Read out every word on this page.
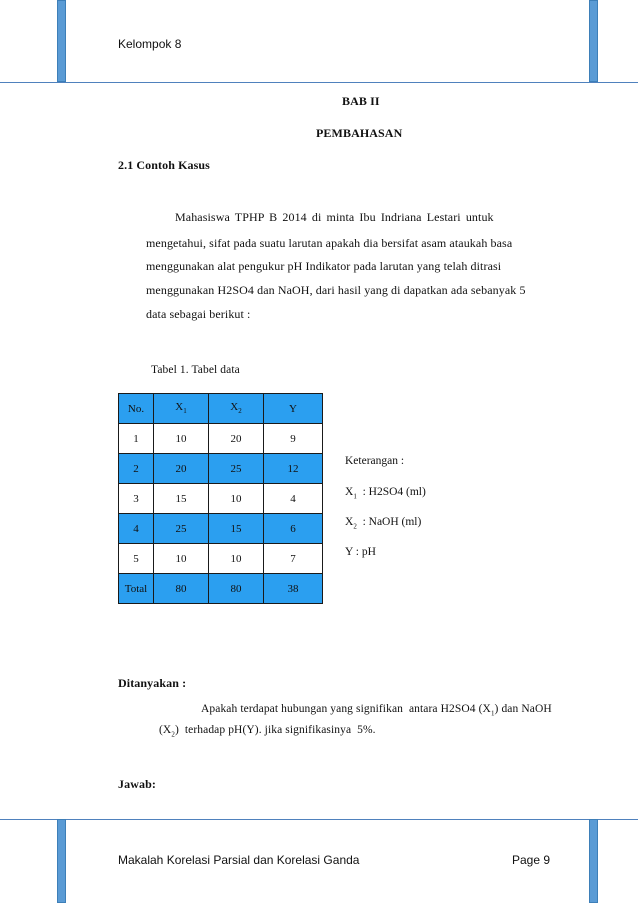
Kelompok 8
BAB II
PEMBAHASAN
2.1 Contoh Kasus
Mahasiswa TPHP B 2014 di minta Ibu Indriana Lestari untuk
mengetahui, sifat pada suatu larutan apakah dia bersifat asam ataukah basa
menggunakan alat pengukur pH Indikator pada larutan yang telah ditrasi
menggunakan H2SO4 dan NaOH, dari hasil yang di dapatkan ada sebanyak 5
data sebagai berikut :
Tabel 1. Tabel data
No.	$X_1$	$X_2$	Y
1	10	20	9
2	20	25	12
3	15	10	4
4	25	15	6
5	10	10	7
Total	80	80	38
Keterangan :
$X_1$  : H2SO4 (ml)
$X_2$  : NaOH (ml)
Y : pH
Ditanyakan :
Apakah terdapat hubungan yang signifikan  antara H2SO4 $(X_1)$ dan NaOH
$(X_2)$  terhadap pH(Y). jika signifikasinya  5%.
Jawab:
Makalah Korelasi Parsial dan Korelasi Ganda	Page 9
